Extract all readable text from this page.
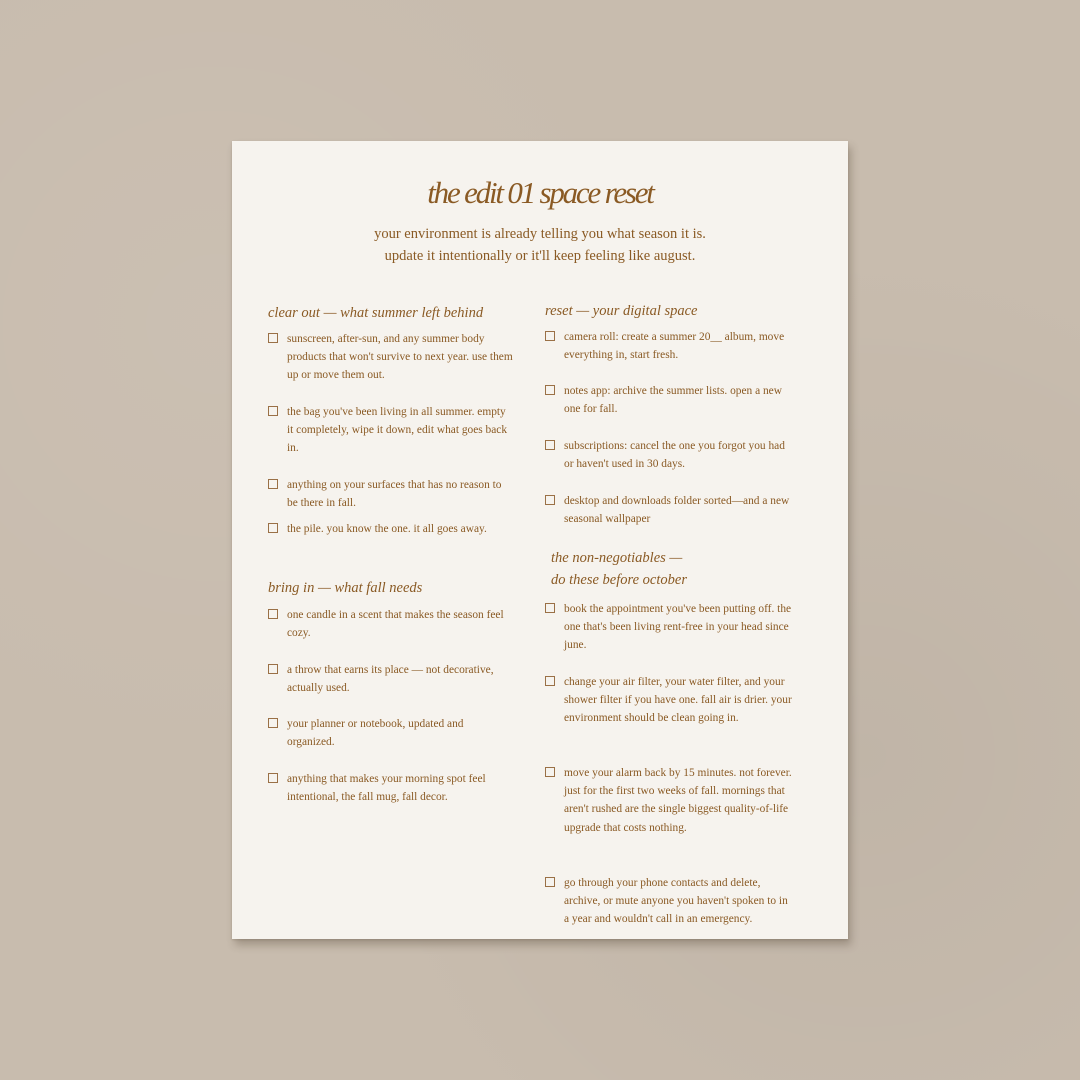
the edit 01 space reset
your environment is already telling you what season it is.
update it intentionally or it'll keep feeling like august.
clear out — what summer left behind
sunscreen, after-sun, and any summer body products that won't survive to next year. use them up or move them out.
the bag you've been living in all summer. empty it completely, wipe it down, edit what goes back in.
anything on your surfaces that has no reason to be there in fall.
the pile. you know the one. it all goes away.
bring in — what fall needs
one candle in a scent that makes the season feel cozy.
a throw that earns its place — not decorative, actually used.
your planner or notebook, updated and organized.
anything that makes your morning spot feel intentional, the fall mug, fall decor.
reset — your digital space
camera roll: create a summer 20__ album, move everything in, start fresh.
notes app: archive the summer lists. open a new one for fall.
subscriptions: cancel the one you forgot you had or haven't used in 30 days.
desktop and downloads folder sorted—and a new seasonal wallpaper
the non-negotiables —
do these before october
book the appointment you've been putting off. the one that's been living rent-free in your head since june.
change your air filter, your water filter, and your shower filter if you have one. fall air is drier. your environment should be clean going in.
move your alarm back by 15 minutes. not forever. just for the first two weeks of fall. mornings that aren't rushed are the single biggest quality-of-life upgrade that costs nothing.
go through your phone contacts and delete, archive, or mute anyone you haven't spoken to in a year and wouldn't call in an emergency.
